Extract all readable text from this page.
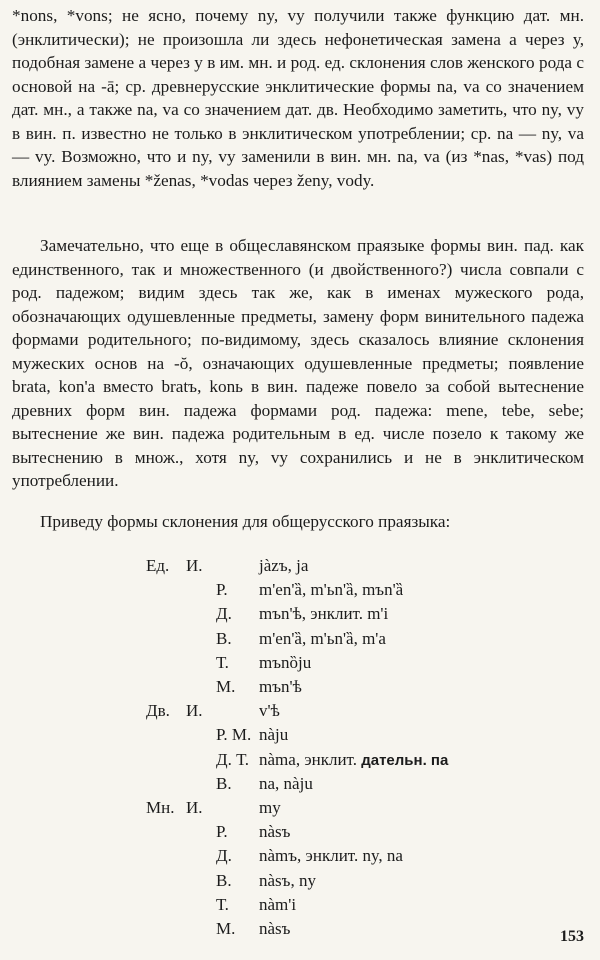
*nons, *vons; не ясно, почему ny, vy получили также функцию дат. мн. (энклитически); не произошла ли здесь нефонетическая замена а через у, подобная замене а через у в им. мн. и род. ед. склонения слов женского рода с основой на -ā; ср. древнерусские энклитические формы na, va со значением дат. мн., а также na, va со значением дат. дв. Необходимо заметить, что ny, vy в вин. п. известно не только в энклитическом употреблении; ср. na — ny, va — vy. Возможно, что и ny, vy заменили в вин. мн. na, va (из *nas, *vas) под влиянием замены *ženas, *vodas через ženy, vody.

Замечательно, что еще в общеславянском праязыке формы вин. пад. как единственного, так и множественного (и двойственного?) числа совпали с род. падежом; видим здесь так же, как в именах мужеского рода, обозначающих одушевленные предметы, замену форм винительного падежа формами родительного; по-видимому, здесь сказалось влияние склонения мужеских основ на -ŏ, означающих одушевленные предметы; появление brata, kon'a вместо bratъ, konь в вин. падеже повело за собой вытеснение древних форм вин. падежа формами род. падежа: mene, tebe, sebe; вытеснение же вин. падежа родительным в ед. числе позело к такому же вытеснению в множ., хотя ny, vy сохранились и не в энклитическом употреблении.

Приведу формы склонения для общерусского праязыка:

Ед. И.	jàzъ, ja
Р. m'en'ȁ, m'ьn'ȁ, mъn'ȁ
Д. mъn'ѣ, энклит. m'i
В. m'en'ȁ, m'ьn'ȁ, m'a
Т. mъnȍju
М. mъn'ѣ
Дв. И.	v'ѣ
Р. М. nàju
Д. Т. nàma, энклит. дательн. па
В. na, nàju
Мн. И.	my
Р. nàsъ
Д. nàmъ, энклит. ny, na
В. nàsъ, ny
Т. nàm'i
М. nàsъ	153
